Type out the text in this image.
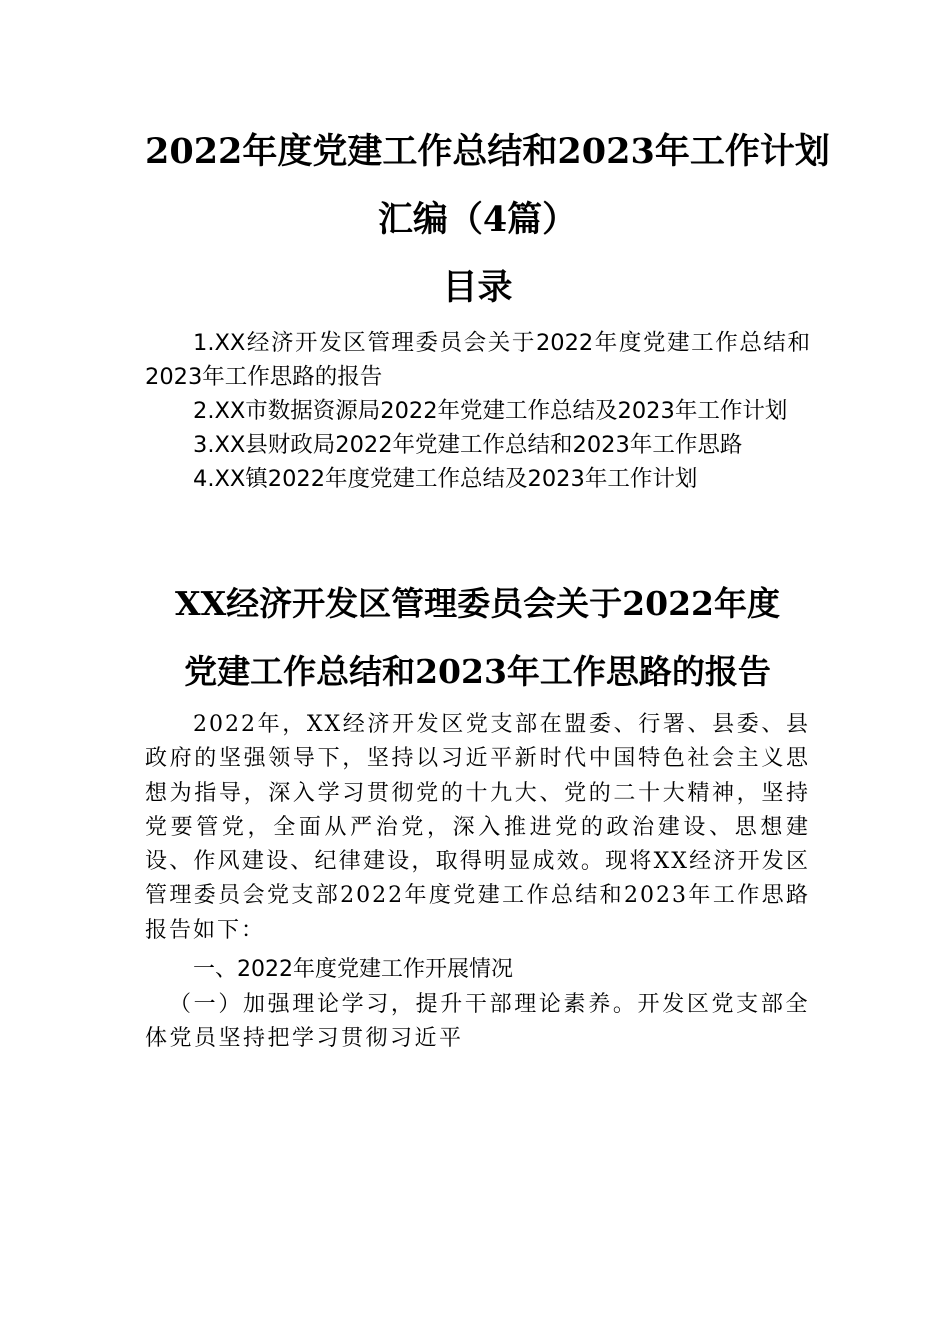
2022年度党建工作总结和2023年工作计划
汇编（4篇）
目录
1.XX经济开发区管理委员会关于2022年度党建工作总结和2023年工作思路的报告
2.XX市数据资源局2022年党建工作总结及2023年工作计划
3.XX县财政局2022年党建工作总结和2023年工作思路
4.XX镇2022年度党建工作总结及2023年工作计划
XX经济开发区管理委员会关于2022年度
党建工作总结和2023年工作思路的报告

2022年，XX经济开发区党支部在盟委、行署、县委、县政府的坚强领导下，坚持以习近平新时代中国特色社会主义思想为指导，深入学习贯彻党的十九大、党的二十大精神，坚持党要管党，全面从严治党，深入推进党的政治建设、思想建设、作风建设、纪律建设，取得明显成效。现将XX经济开发区管理委员会党支部2022年度党建工作总结和2023年工作思路报告如下：

一、2022年度党建工作开展情况

（一）加强理论学习，提升干部理论素养。开发区党支部全体党员坚持把学习贯彻习近平
